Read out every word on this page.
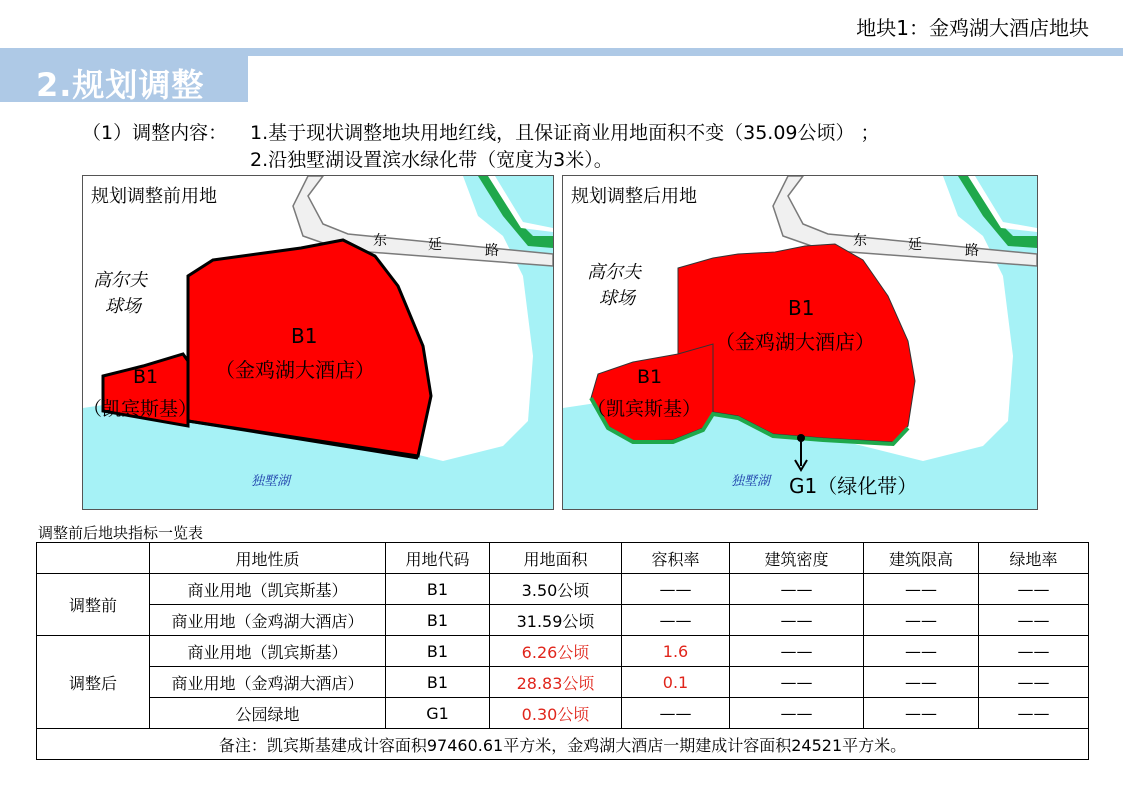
地块1：金鸡湖大酒店地块
2.规划调整
（1）调整内容： 1.基于现状调整地块用地红线，且保证商业用地面积不变（35.09公顷） ；
2.沿独墅湖设置滨水绿化带（宽度为3米）。
规划调整前用地
东	延	路
高尔夫
球场
B1
（金鸡湖大酒店）
B1
（凯宾斯基）
独墅湖
规划调整后用地
东	延	路
高尔夫
球场	B1
（金鸡湖大酒店）
B1
（凯宾斯基）
独墅湖 G1（绿化带）
调整前后地块指标一览表
	用地性质	用地代码	用地面积	容积率	建筑密度	建筑限高	绿地率
调整前	商业用地（凯宾斯基）	B1	3.50公顷	——	——	——	——
	商业用地（金鸡湖大酒店）	B1	31.59公顷	——	——	——	——
调整后	商业用地（凯宾斯基）	B1	6.26公顷	1.6	——	——	——
	商业用地（金鸡湖大酒店）	B1	28.83公顷	0.1	——	——	——
	公园绿地	G1	0.30公顷	——	——	——	——
备注：凯宾斯基建成计容面积97460.61平方米，金鸡湖大酒店一期建成计容面积24521平方米。							
